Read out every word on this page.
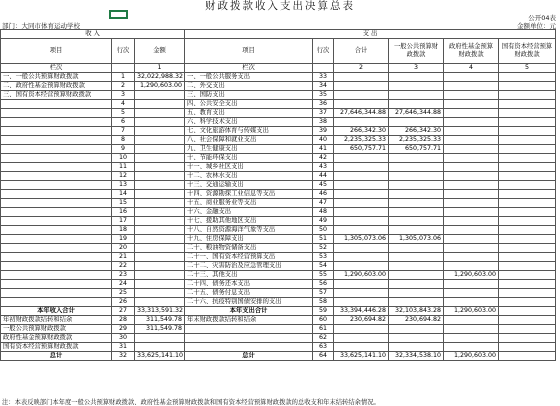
财政拨款收入支出决算总表
公开04表
部门：大同市体育运动学校	金额单位：元
收 入			支 出					
项目	行次	金额	项目	行次	合计	一般公共预算财政拨款	政府性基金预算财政拨款	国有资本经营预算财政拨款
栏次		1	栏次		2	3	4	5
一、一般公共预算财政拨款	1	32,022,988.32	一、一般公共服务支出	33				
二、政府性基金预算财政拨款	2	1,290,603.00	二、外交支出	34				
三、国有资本经营预算财政拨款	3		三、国防支出	35				
	4		四、公共安全支出	36				
	5		五、教育支出	37	27,646,344.88	27,646,344.88		
	6		六、科学技术支出	38				
	7		七、文化旅游体育与传媒支出	39	266,342.30	266,342.30		
	8		八、社会保障和就业支出	40	2,235,325.33	2,235,325.33		
	9		九、卫生健康支出	41	650,757.71	650,757.71		
	10		十、节能环保支出	42				
	11		十一、城乡社区支出	43				
	12		十二、农林水支出	44				
	13		十三、交通运输支出	45				
	14		十四、资源勘探工业信息等支出	46				
	15		十五、商业服务业等支出	47				
	16		十六、金融支出	48				
	17		十七、援助其他地区支出	49				
	18		十八、自然资源海洋气象等支出	50				
	19		十九、住房保障支出	51	1,305,073.06	1,305,073.06		
	20		二十、粮油物资储备支出	52				
	21		二十一、国有资本经营预算支出	53				
	22		二十二、灾害防治及应急管理支出	54				
	23		二十三、其他支出	55	1,290,603.00		1,290,603.00	
	24		二十四、债务还本支出	56				
	25		二十五、债务付息支出	57				
	26		二十六、抗疫特别国债安排的支出	58				
本年收入合计	27	33,313,591.32	本年支出合计	59	33,394,446.28	32,103,843.28	1,290,603.00	
年初财政拨款结转和结余	28	311,549.78	年末财政拨款结转和结余	60	230,694.82	230,694.82		
一般公共预算财政拨款	29	311,549.78		61				
政府性基金预算财政拨款	30			62				
国有资本经营预算财政拨款	31			63				
总计	32	33,625,141.10	总计	64	33,625,141.10	32,334,538.10	1,290,603.00	
注：本表反映部门本年度一般公共预算财政拨款、政府性基金预算财政拨款和国有资本经营预算财政拨款的总收支和年末结转结余情况。
